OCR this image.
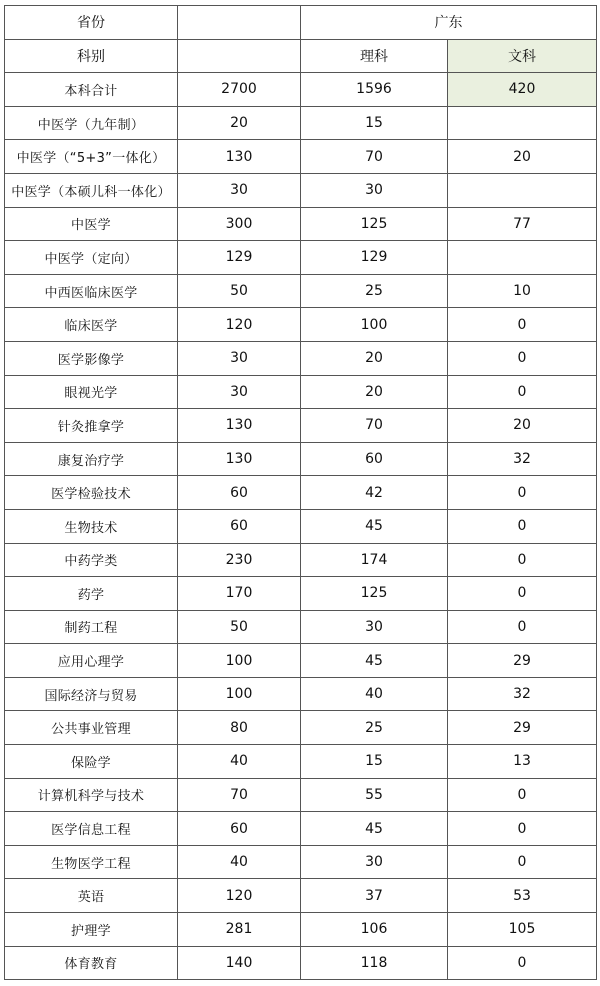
省份		广东	
科别		理科	文科
本科合计	2700	1596	420
中医学（九年制）	20	15	
中医学（“5+3”一体化）	130	70	20
中医学（本硕儿科一体化）	30	30	
中医学	300	125	77
中医学（定向）	129	129	
中西医临床医学	50	25	10
临床医学	120	100	0
医学影像学	30	20	0
眼视光学	30	20	0
针灸推拿学	130	70	20
康复治疗学	130	60	32
医学检验技术	60	42	0
生物技术	60	45	0
中药学类	230	174	0
药学	170	125	0
制药工程	50	30	0
应用心理学	100	45	29
国际经济与贸易	100	40	32
公共事业管理	80	25	29
保险学	40	15	13
计算机科学与技术	70	55	0
医学信息工程	60	45	0
生物医学工程	40	30	0
英语	120	37	53
护理学	281	106	105
体育教育	140	118	0
